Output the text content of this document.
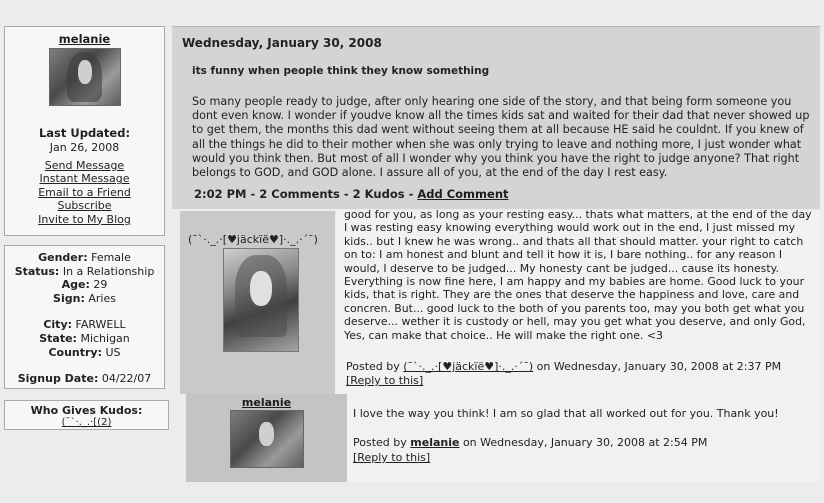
melanie
Last Updated:
Jan 26, 2008
Send Message
Instant Message
Email to a Friend
Subscribe
Invite to My Blog
Gender: Female
Status: In a Relationship
Age: 29
Sign: Aries
City: FARWELL
State: Michigan
Country: US
Signup Date: 04/22/07
Who Gives Kudos:
(¯`·._.·[(2)
Wednesday, January 30, 2008
its funny when people think they know something
So many people ready to judge, after only hearing one side of the story, and that being form someone you dont even know. I wonder if youdve know all the times kids sat and waited for their dad that never showed up to get them, the months this dad went without seeing them at all because HE said he couldnt. If you knew of all the things he did to their mother when she was only trying to leave and nothing more, I just wonder what would you think then. But most of all I wonder why you think you have the right to judge anyone? That right belongs to GOD, and GOD alone. I assure all of you, at the end of the day I rest easy.
2:02 PM - 2 Comments - 2 Kudos - Add Comment
(¯`·._.·[♥jäckïë♥]·._.·´¯)
good for you, as long as your resting easy... thats what matters, at the end of the day I was resting easy knowing everything would work out in the end, I just missed my kids.. but I knew he was wrong.. and thats all that should matter. your right to catch on to: I am honest and blunt and tell it how it is, I bare nothing.. for any reason I would, I deserve to be judged... My honesty cant be judged... cause its honesty. Everything is now fine here, I am happy and my babies are home. Good luck to your kids, that is right. They are the ones that deserve the happiness and love, care and concren. But... good luck to the both of you parents too, may you both get what you deserve... wether it is custody or hell, may you get what you deserve, and only God, Yes, can make that choice.. He will make the right one. <3
Posted by (¯`·._.·[♥jäckïë♥]·._.·´¯) on Wednesday, January 30, 2008 at 2:37 PM
[Reply to this]
melanie
I love the way you think! I am so glad that all worked out for you. Thank you!
Posted by melanie on Wednesday, January 30, 2008 at 2:54 PM
[Reply to this]
